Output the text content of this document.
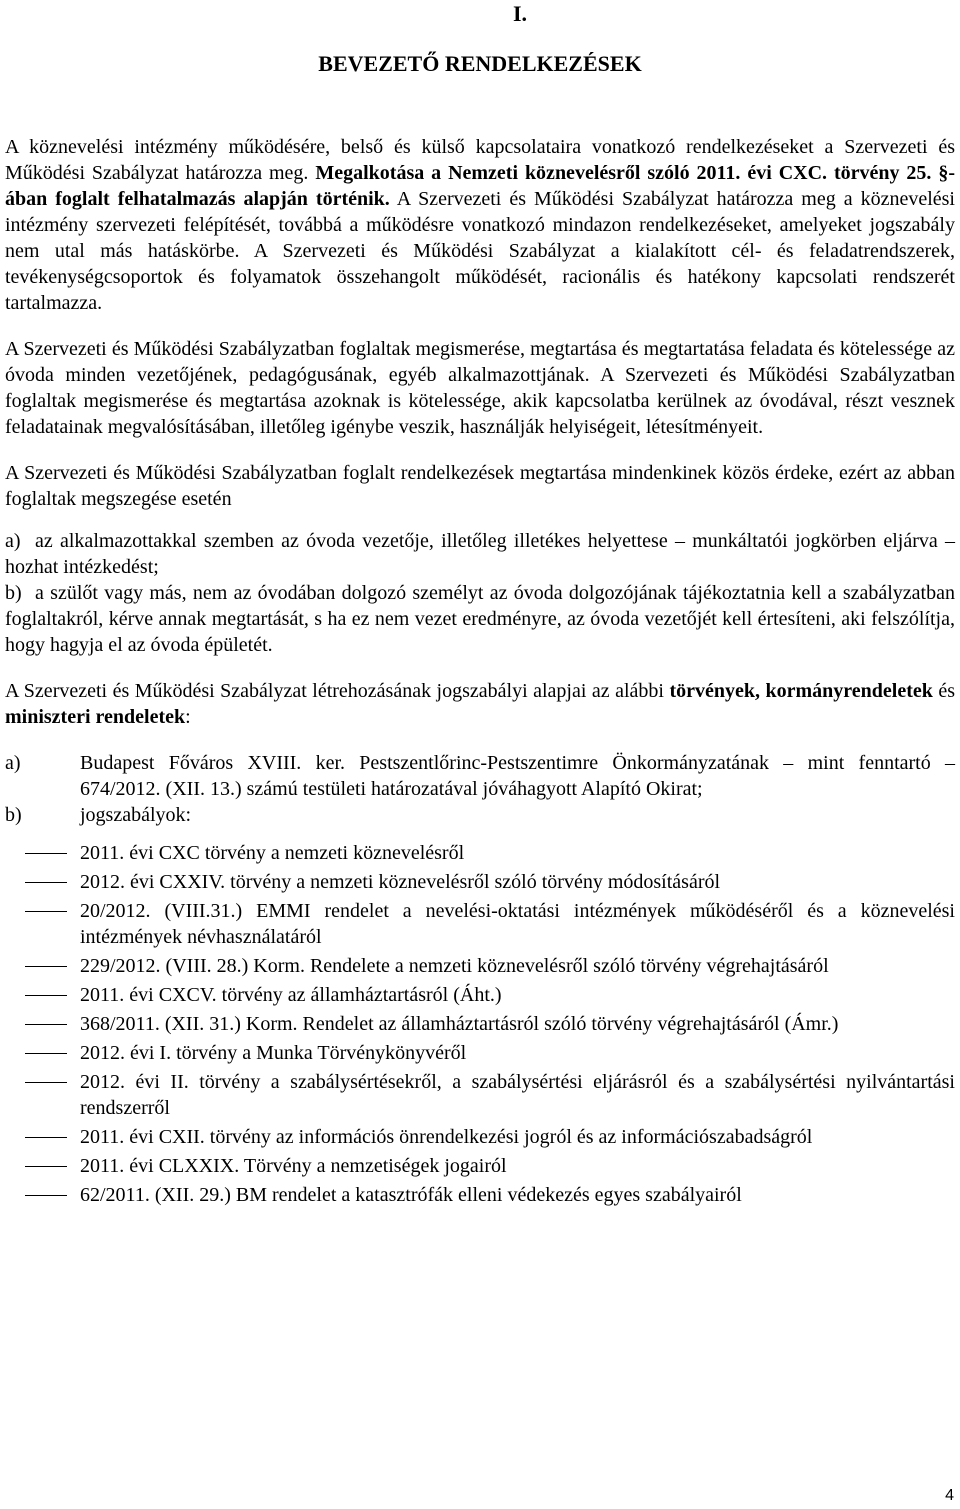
I.
BEVEZETŐ RENDELKEZÉSEK

A köznevelési intézmény működésére, belső és külső kapcsolataira vonatkozó rendelkezéseket a Szervezeti és Működési Szabályzat határozza meg. Megalkotása a Nemzeti köznevelésről szóló 2011. évi CXC. törvény 25. §-ában foglalt felhatalmazás alapján történik. A Szervezeti és Működési Szabályzat határozza meg a köznevelési intézmény szervezeti felépítését, továbbá a működésre vonatkozó mindazon rendelkezéseket, amelyeket jogszabály nem utal más hatáskörbe. A Szervezeti és Működési Szabályzat a kialakított cél- és feladatrendszerek, tevékenységcsoportok és folyamatok összehangolt működését, racionális és hatékony kapcsolati rendszerét tartalmazza.

A Szervezeti és Működési Szabályzatban foglaltak megismerése, megtartása és megtartatása feladata és kötelessége az óvoda minden vezetőjének, pedagógusának, egyéb alkalmazottjának. A Szervezeti és Működési Szabályzatban foglaltak megismerése és megtartása azoknak is kötelessége, akik kapcsolatba kerülnek az óvodával, részt vesznek feladatainak megvalósításában, illetőleg igénybe veszik, használják helyiségeit, létesítményeit.

A Szervezeti és Működési Szabályzatban foglalt rendelkezések megtartása mindenkinek közös érdeke, ezért az abban foglaltak megszegése esetén

a) az alkalmazottakkal szemben az óvoda vezetője, illetőleg illetékes helyettese – munkáltatói jogkörben eljárva – hozhat intézkedést;

b) a szülőt vagy más, nem az óvodában dolgozó személyt az óvoda dolgozójának tájékoztatnia kell a szabályzatban foglaltakról, kérve annak megtartását, s ha ez nem vezet eredményre, az óvoda vezetőjét kell értesíteni, aki felszólítja, hogy hagyja el az óvoda épületét.

A Szervezeti és Működési Szabályzat létrehozásának jogszabályi alapjai az alábbi törvények, kormányrendeletek és miniszteri rendeletek:

a)	Budapest Főváros XVIII. ker. Pestszentlőrinc-Pestszentimre Önkormányzatának – mint fenntartó – 674/2012. (XII. 13.) számú testületi határozatával jóváhagyott Alapító Okirat;
b)	jogszabályok:
2011. évi CXC törvény a nemzeti köznevelésről
2012. évi CXXIV. törvény a nemzeti köznevelésről szóló törvény módosításáról
20/2012. (VIII.31.) EMMI rendelet a nevelési-oktatási intézmények működéséről és a köznevelési intézmények névhasználatáról
229/2012. (VIII. 28.) Korm. Rendelete a nemzeti köznevelésről szóló törvény végrehajtásáról
2011. évi CXCV. törvény az államháztartásról (Áht.)
368/2011. (XII. 31.) Korm. Rendelet az államháztartásról szóló törvény végrehajtásáról (Ámr.)
2012. évi I. törvény a Munka Törvénykönyvéről
2012. évi II. törvény a szabálysértésekről, a szabálysértési eljárásról és a szabálysértési nyilvántartási rendszerről
2011. évi CXII. törvény az információs önrendelkezési jogról és az információszabadságról
2011. évi CLXXIX. Törvény a nemzetiségek jogairól
62/2011. (XII. 29.) BM rendelet a katasztrófák elleni védekezés egyes szabályairól
4
